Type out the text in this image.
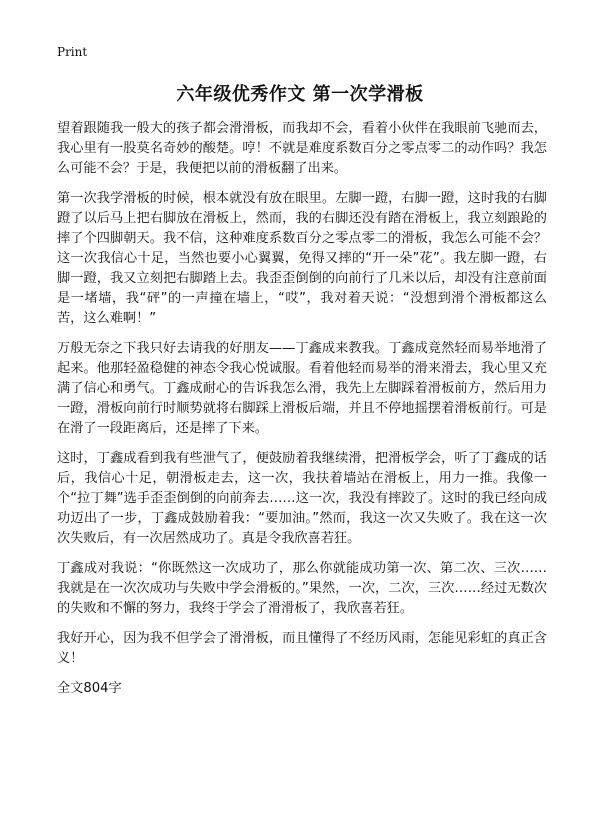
Print
六年级优秀作文 第一次学滑板

望着跟随我一般大的孩子都会滑滑板，而我却不会，看着小伙伴在我眼前飞驰而去，我心里有一股莫名奇妙的酸楚。哼！不就是难度系数百分之零点零二的动作吗？我怎么可能不会？于是，我便把以前的滑板翻了出来。

第一次我学滑板的时候，根本就没有放在眼里。左脚一蹬，右脚一蹬，这时我的右脚蹬了以后马上把右脚放在滑板上，然而，我的右脚还没有踏在滑板上，我立刻踉跄的摔了个四脚朝天。我不信，这种难度系数百分之零点零二的滑板，我怎么可能不会？这一次我信心十足，当然也要小心翼翼，免得又摔的“开一朵”花”。我左脚一蹬，右脚一蹬，我又立刻把右脚踏上去。我歪歪倒倒的向前行了几米以后，却没有注意前面是一堵墙，我“砰”的一声撞在墙上，“哎”，我对着天说：“没想到滑个滑板都这么苦，这么难啊！”

万般无奈之下我只好去请我的好朋友——丁鑫成来教我。丁鑫成竟然轻而易举地滑了起来。他那轻盈稳健的神态令我心悦诚服。看着他轻而易举的滑来滑去，我心里又充满了信心和勇气。丁鑫成耐心的告诉我怎么滑，我先上左脚踩着滑板前方，然后用力一蹬，滑板向前行时顺势就将右脚踩上滑板后端，并且不停地摇摆着滑板前行。可是在滑了一段距离后，还是摔了下来。

这时，丁鑫成看到我有些泄气了，便鼓励着我继续滑，把滑板学会，听了丁鑫成的话后，我信心十足，朝滑板走去，这一次，我扶着墙站在滑板上，用力一推。我像一个“拉丁舞”选手歪歪倒倒的向前奔去……这一次，我没有摔跤了。这时的我已经向成功迈出了一步，丁鑫成鼓励着我：“要加油。”然而，我这一次又失败了。我在这一次次失败后，有一次居然成功了。真是令我欣喜若狂。

丁鑫成对我说：“你既然这一次成功了，那么你就能成功第一次、第二次、三次……我就是在一次次成功与失败中学会滑板的。”果然，一次，二次，三次……经过无数次的失败和不懈的努力，我终于学会了滑滑板了，我欣喜若狂。

我好开心，因为我不但学会了滑滑板，而且懂得了不经历风雨，怎能见彩虹的真正含义！

全文804字
